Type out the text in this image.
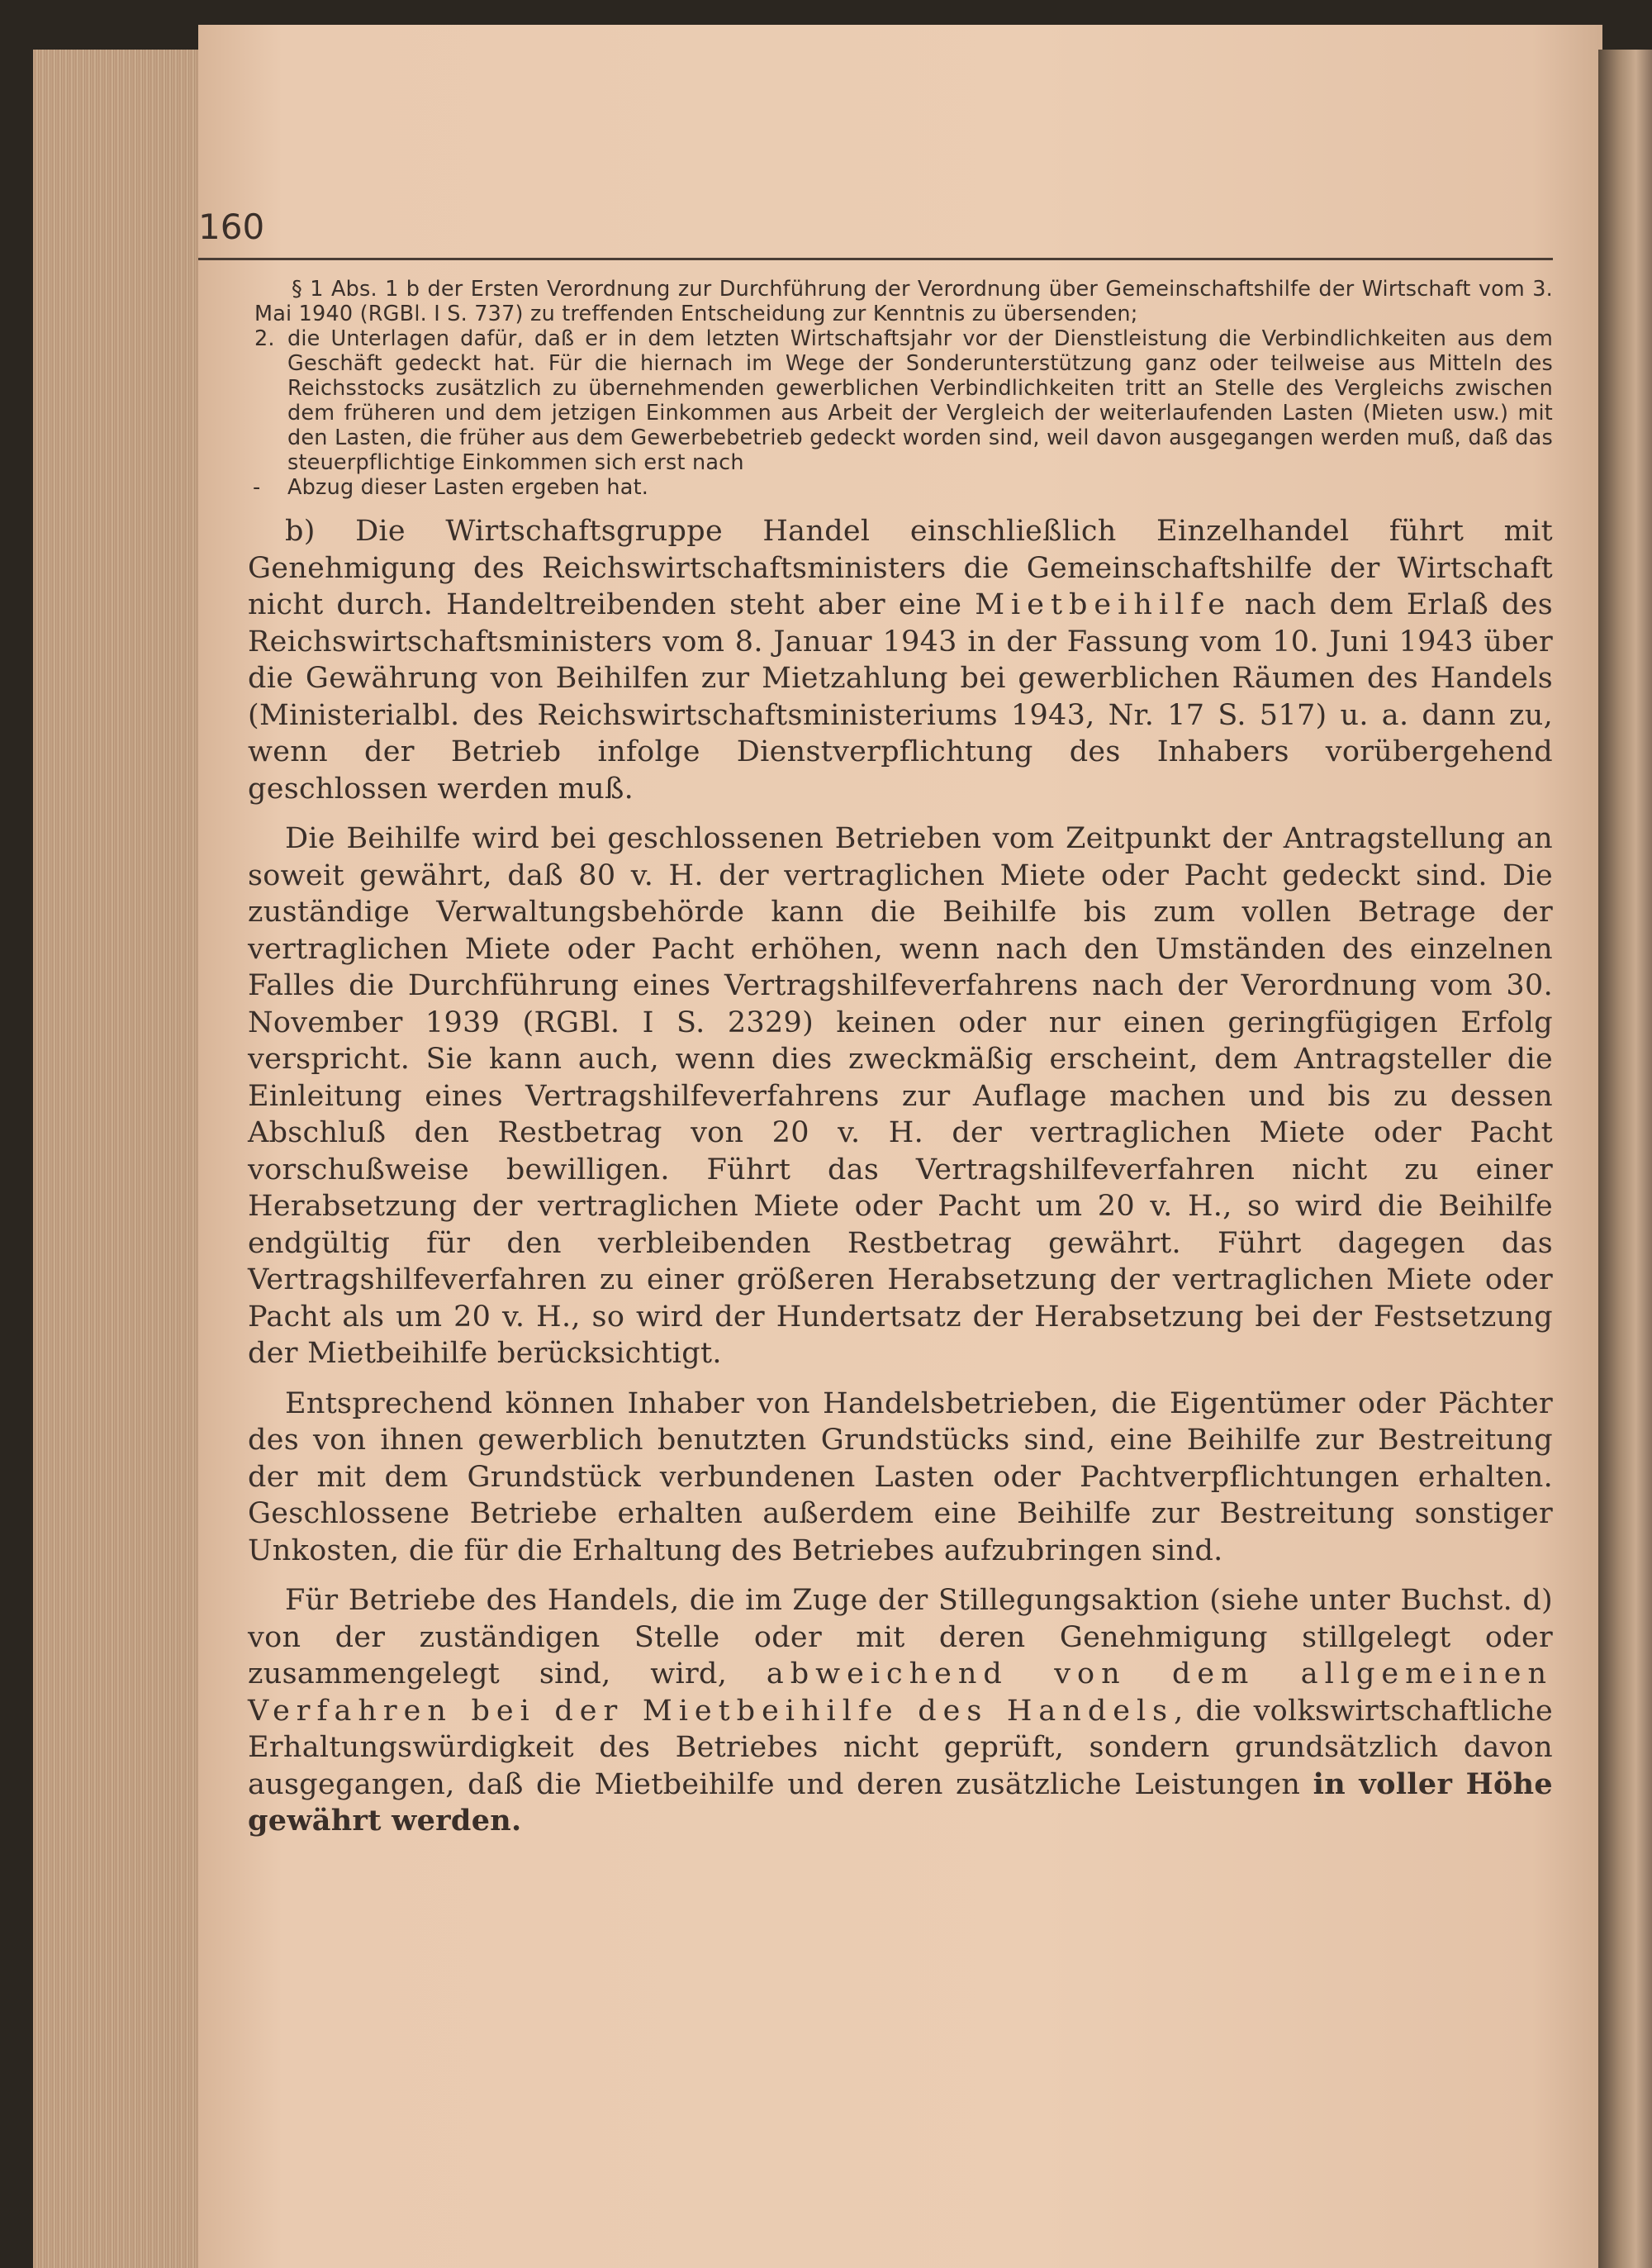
160

§ 1 Abs. 1 b der Ersten Verordnung zur Durchführung der Verordnung über Gemeinschaftshilfe der Wirtschaft vom 3. Mai 1940 (RGBl. I S. 737) zu treffenden Entscheidung zur Kenntnis zu übersenden;

2. die Unterlagen dafür, daß er in dem letzten Wirtschaftsjahr vor der Dienstleistung die Verbindlichkeiten aus dem Geschäft gedeckt hat. Für die hiernach im Wege der Sonderunterstützung ganz oder teilweise aus Mitteln des Reichsstocks zusätzlich zu übernehmenden gewerblichen Verbindlichkeiten tritt an Stelle des Vergleichs zwischen dem früheren und dem jetzigen Einkommen aus Arbeit der Vergleich der weiterlaufenden Lasten (Mieten usw.) mit den Lasten, die früher aus dem Gewerbebetrieb gedeckt worden sind, weil davon ausgegangen werden muß, daß das steuerpflichtige Einkommen sich erst nach
- Abzug dieser Lasten ergeben hat.

b) Die Wirtschaftsgruppe Handel einschließlich Einzelhandel führt mit Genehmigung des Reichswirtschaftsministers die Gemeinschaftshilfe der Wirtschaft nicht durch. Handeltreibenden steht aber eine Mietbeihilfe nach dem Erlaß des Reichswirtschaftsministers vom 8. Januar 1943 in der Fassung vom 10. Juni 1943 über die Gewährung von Beihilfen zur Mietzahlung bei gewerblichen Räumen des Handels (Ministerialbl. des Reichswirtschaftsministeriums 1943, Nr. 17 S. 517) u. a. dann zu, wenn der Betrieb infolge Dienstverpflichtung des Inhabers vorübergehend geschlossen werden muß.

Die Beihilfe wird bei geschlossenen Betrieben vom Zeitpunkt der Antragstellung an soweit gewährt, daß 80 v. H. der vertraglichen Miete oder Pacht gedeckt sind. Die zuständige Verwaltungsbehörde kann die Beihilfe bis zum vollen Betrage der vertraglichen Miete oder Pacht erhöhen, wenn nach den Umständen des einzelnen Falles die Durchführung eines Vertragshilfeverfahrens nach der Verordnung vom 30. November 1939 (RGBl. I S. 2329) keinen oder nur einen geringfügigen Erfolg verspricht. Sie kann auch, wenn dies zweckmäßig erscheint, dem Antragsteller die Einleitung eines Vertragshilfeverfahrens zur Auflage machen und bis zu dessen Abschluß den Restbetrag von 20 v. H. der vertraglichen Miete oder Pacht vorschußweise bewilligen. Führt das Vertragshilfeverfahren nicht zu einer Herabsetzung der vertraglichen Miete oder Pacht um 20 v. H., so wird die Beihilfe endgültig für den verbleibenden Restbetrag gewährt. Führt dagegen das Vertragshilfeverfahren zu einer größeren Herabsetzung der vertraglichen Miete oder Pacht als um 20 v. H., so wird der Hundertsatz der Herabsetzung bei der Festsetzung der Mietbeihilfe berücksichtigt.

Entsprechend können Inhaber von Handelsbetrieben, die Eigentümer oder Pächter des von ihnen gewerblich benutzten Grundstücks sind, eine Beihilfe zur Bestreitung der mit dem Grundstück verbundenen Lasten oder Pachtverpflichtungen erhalten. Geschlossene Betriebe erhalten außerdem eine Beihilfe zur Bestreitung sonstiger Unkosten, die für die Erhaltung des Betriebes aufzubringen sind.

Für Betriebe des Handels, die im Zuge der Stillegungsaktion (siehe unter Buchst. d) von der zuständigen Stelle oder mit deren Genehmigung stillgelegt oder zusammengelegt sind, wird, abweichend von dem allgemeinen Verfahren bei der Mietbeihilfe des Handels, die volkswirtschaftliche Erhaltungswürdigkeit des Betriebes nicht geprüft, sondern grundsätzlich davon ausgegangen, daß die Mietbeihilfe und deren zusätzliche Leistungen in voller Höhe gewährt werden.
